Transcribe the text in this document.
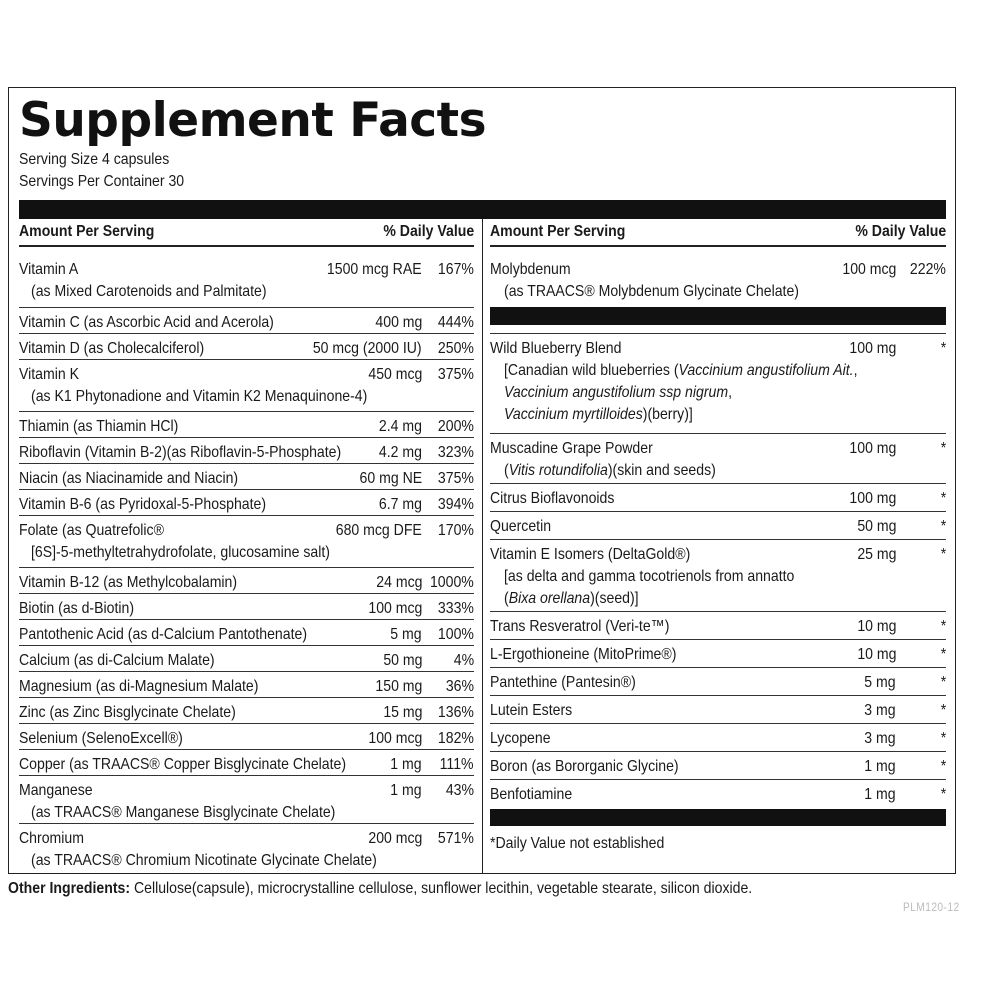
Supplement Facts
Serving Size 4 capsules
Servings Per Container 30
Amount Per Serving	% Daily Value
Vitamin A	1500 mcg RAE 167%
(as Mixed Carotenoids and Palmitate)
Vitamin C (as Ascorbic Acid and Acerola)	400 mg 444%
Vitamin D (as Cholecalciferol)	50 mcg (2000 IU) 250%
Vitamin K	450 mcg 375%
(as K1 Phytonadione and Vitamin K2 Menaquinone-4)
Thiamin (as Thiamin HCl)	2.4 mg 200%
Riboflavin (Vitamin B-2)(as Riboflavin-5-Phosphate) 4.2 mg 323%
Niacin (as Niacinamide and Niacin)	60 mg NE 375%
Vitamin B-6 (as Pyridoxal-5-Phosphate)	6.7 mg 394%
Folate (as Quatrefolic®	680 mcg DFE 170%
[6S]-5-methyltetrahydrofolate, glucosamine salt)
Vitamin B-12 (as Methylcobalamin)	24 mcg 1000%
Biotin (as d-Biotin)	100 mcg 333%
Pantothenic Acid (as d-Calcium Pantothenate)	5 mg 100%
Calcium (as di-Calcium Malate)	50 mg 4%
Magnesium (as di-Magnesium Malate)	150 mg 36%
Zinc (as Zinc Bisglycinate Chelate)	15 mg 136%
Selenium (SelenoExcell®)	100 mcg 182%
Copper (as TRAACS® Copper Bisglycinate Chelate)	1 mg 111%
Manganese	1 mg 43%
(as TRAACS® Manganese Bisglycinate Chelate)
Chromium	200 mcg 571%
(as TRAACS® Chromium Nicotinate Glycinate Chelate)
Amount Per Serving	% Daily Value
Molybdenum	100 mcg 222%
(as TRAACS® Molybdenum Glycinate Chelate)
Wild Blueberry Blend	100 mg	*
[Canadian wild blueberries (Vaccinium angustifolium Ait.,
Vaccinium angustifolium ssp nigrum,
Vaccinium myrtilloides)(berry)]
Muscadine Grape Powder	100 mg	*
(Vitis rotundifolia)(skin and seeds)
Citrus Bioflavonoids	100 mg	*
Quercetin	50 mg	*
Vitamin E Isomers (DeltaGold®)	25 mg	*
[as delta and gamma tocotrienols from annatto
(Bixa orellana)(seed)]
Trans Resveratrol (Veri-te™)	10 mg	*
L-Ergothioneine (MitoPrime®)	10 mg	*
Pantethine (Pantesin®)	5 mg	*
Lutein Esters	3 mg	*
Lycopene	3 mg	*
Boron (as Bororganic Glycine)	1 mg	*
Benfotiamine	1 mg	*
*Daily Value not established
Other Ingredients: Cellulose(capsule), microcrystalline cellulose, sunflower lecithin, vegetable stearate, silicon dioxide.
PLM120-12
